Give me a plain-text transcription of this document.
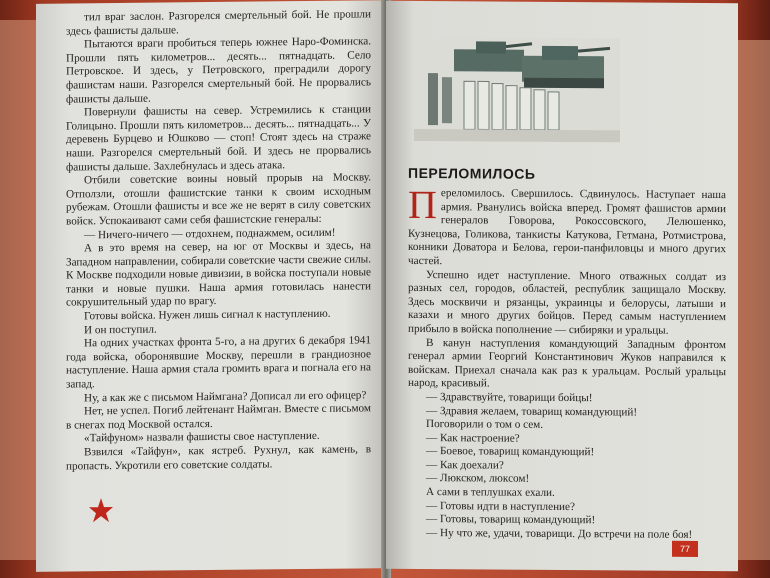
тил враг заслон. Разгорелся смертельный бой. Не прошли здесь фашисты дальше.

Пытаются враги пробиться теперь южнее Наро-Фоминска. Прошли пять километров... десять... пятнадцать. Село Петровское. И здесь, у Петровского, преградили дорогу фашистам наши. Разгорелся смертельный бой. Не прорвались фашисты дальше.

Повернули фашисты на север. Устремились к станции Голицыно. Прошли пять километров... десять... пятнадцать... У деревень Бурцево и Юшково — стоп! Стоят здесь на страже наши. Разгорелся смертельный бой. И здесь не прорвались фашисты дальше. Захлебнулась и здесь атака.

Отбили советские воины новый прорыв на Москву. Отползли, отошли фашистские танки к своим исходным рубежам. Отошли фашисты и все же не верят в силу советских войск. Успокаивают сами себя фашистские генералы:

— Ничего-ничего — отдохнем, поднажмем, осилим!

А в это время на север, на юг от Москвы и здесь, на Западном направлении, собирали советские части свежие силы. К Москве подходили новые дивизии, в войска поступали новые танки и новые пушки. Наша армия готовилась нанести сокрушительный удар по врагу.

Готовы войска. Нужен лишь сигнал к наступлению.

И он поступил.

На одних участках фронта 5-го, а на других 6 декабря 1941 года войска, оборонявшие Москву, перешли в грандиозное наступление. Наша армия стала громить врага и погнала его на запад.

Ну, а как же с письмом Наймгана? Дописал ли его офицер?

Нет, не успел. Погиб лейтенант Наймган. Вместе с письмом в снегах под Москвой остался.

«Тайфуном» назвали фашисты свое наступление.

Взвился «Тайфун», как ястреб. Рухнул, как камень, в пропасть. Укротили его советские солдаты.

ПЕРЕЛОМИЛОСЬ

Переломилось. Свершилось. Сдвинулось. Наступает наша армия. Рванулись войска вперед. Громят фашистов армии генералов Говорова, Рокоссовского, Лелюшенко, Кузнецова, Голикова, танкисты Катукова, Гетмана, Ротмистрова, конники Доватора и Белова, герои-панфиловцы и много других частей.

Успешно идет наступление. Много отважных солдат из разных сел, городов, областей, республик защищало Москву. Здесь москвичи и рязанцы, украинцы и белорусы, латыши и казахи и много других бойцов. Перед самым наступлением прибыло в войска пополнение — сибиряки и уральцы.

В канун наступления командующий Западным фронтом генерал армии Георгий Константинович Жуков направился к войскам. Приехал сначала как раз к уральцам. Рослый уральцы народ, красивый.

— Здравствуйте, товарищи бойцы!

— Здравия желаем, товарищ командующий!

Поговорили о том о сем.

— Как настроение?

— Боевое, товарищ командующий!

— Как доехали?

— Люкском, люксом!

А сами в теплушках ехали.

— Готовы идти в наступление?

— Готовы, товарищ командующий!

— Ну что же, удачи, товарищи. До встречи на поле боя!

77
